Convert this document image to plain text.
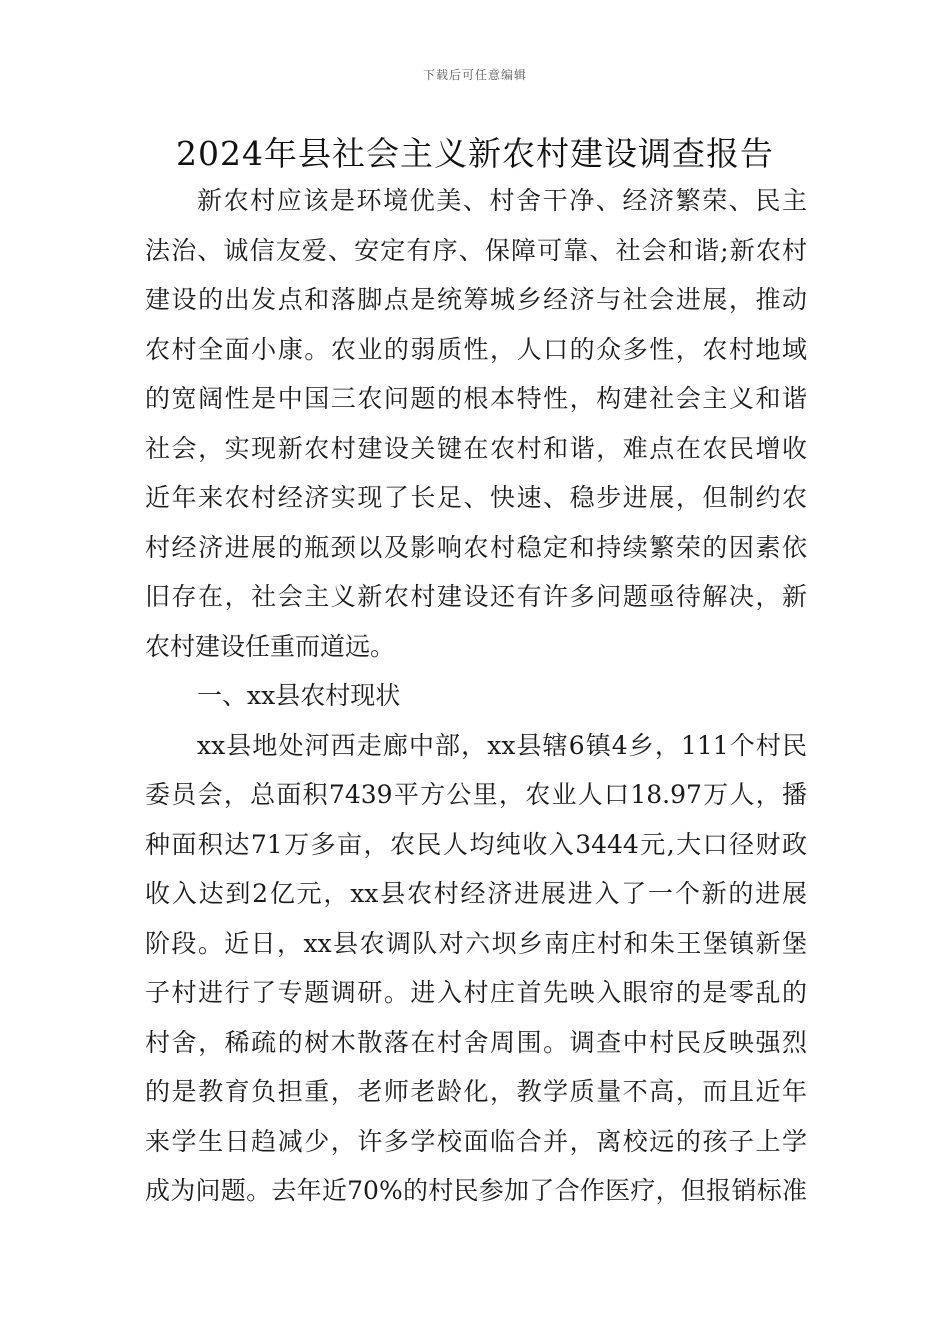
下载后可任意编辑
2024年县社会主义新农村建设调查报告
新农村应该是环境优美、村舍干净、经济繁荣、民主
法治、诚信友爱、安定有序、保障可靠、社会和谐;新农村
建设的出发点和落脚点是统筹城乡经济与社会进展，推动
农村全面小康。农业的弱质性，人口的众多性，农村地域
的宽阔性是中国三农问题的根本特性，构建社会主义和谐
社会，实现新农村建设关键在农村和谐，难点在农民增收
近年来农村经济实现了长足、快速、稳步进展，但制约农
村经济进展的瓶颈以及影响农村稳定和持续繁荣的因素依
旧存在，社会主义新农村建设还有许多问题亟待解决，新
农村建设任重而道远。
一、xx县农村现状
xx县地处河西走廊中部，xx县辖6镇4乡，111个村民
委员会，总面积7439平方公里，农业人口18.97万人，播
种面积达71万多亩，农民人均纯收入3444元,大口径财政
收入达到2亿元，xx县农村经济进展进入了一个新的进展
阶段。近日，xx县农调队对六坝乡南庄村和朱王堡镇新堡
子村进行了专题调研。进入村庄首先映入眼帘的是零乱的
村舍，稀疏的树木散落在村舍周围。调查中村民反映强烈
的是教育负担重，老师老龄化，教学质量不高，而且近年
来学生日趋减少，许多学校面临合并，离校远的孩子上学
成为问题。去年近70%的村民参加了合作医疗，但报销标准
